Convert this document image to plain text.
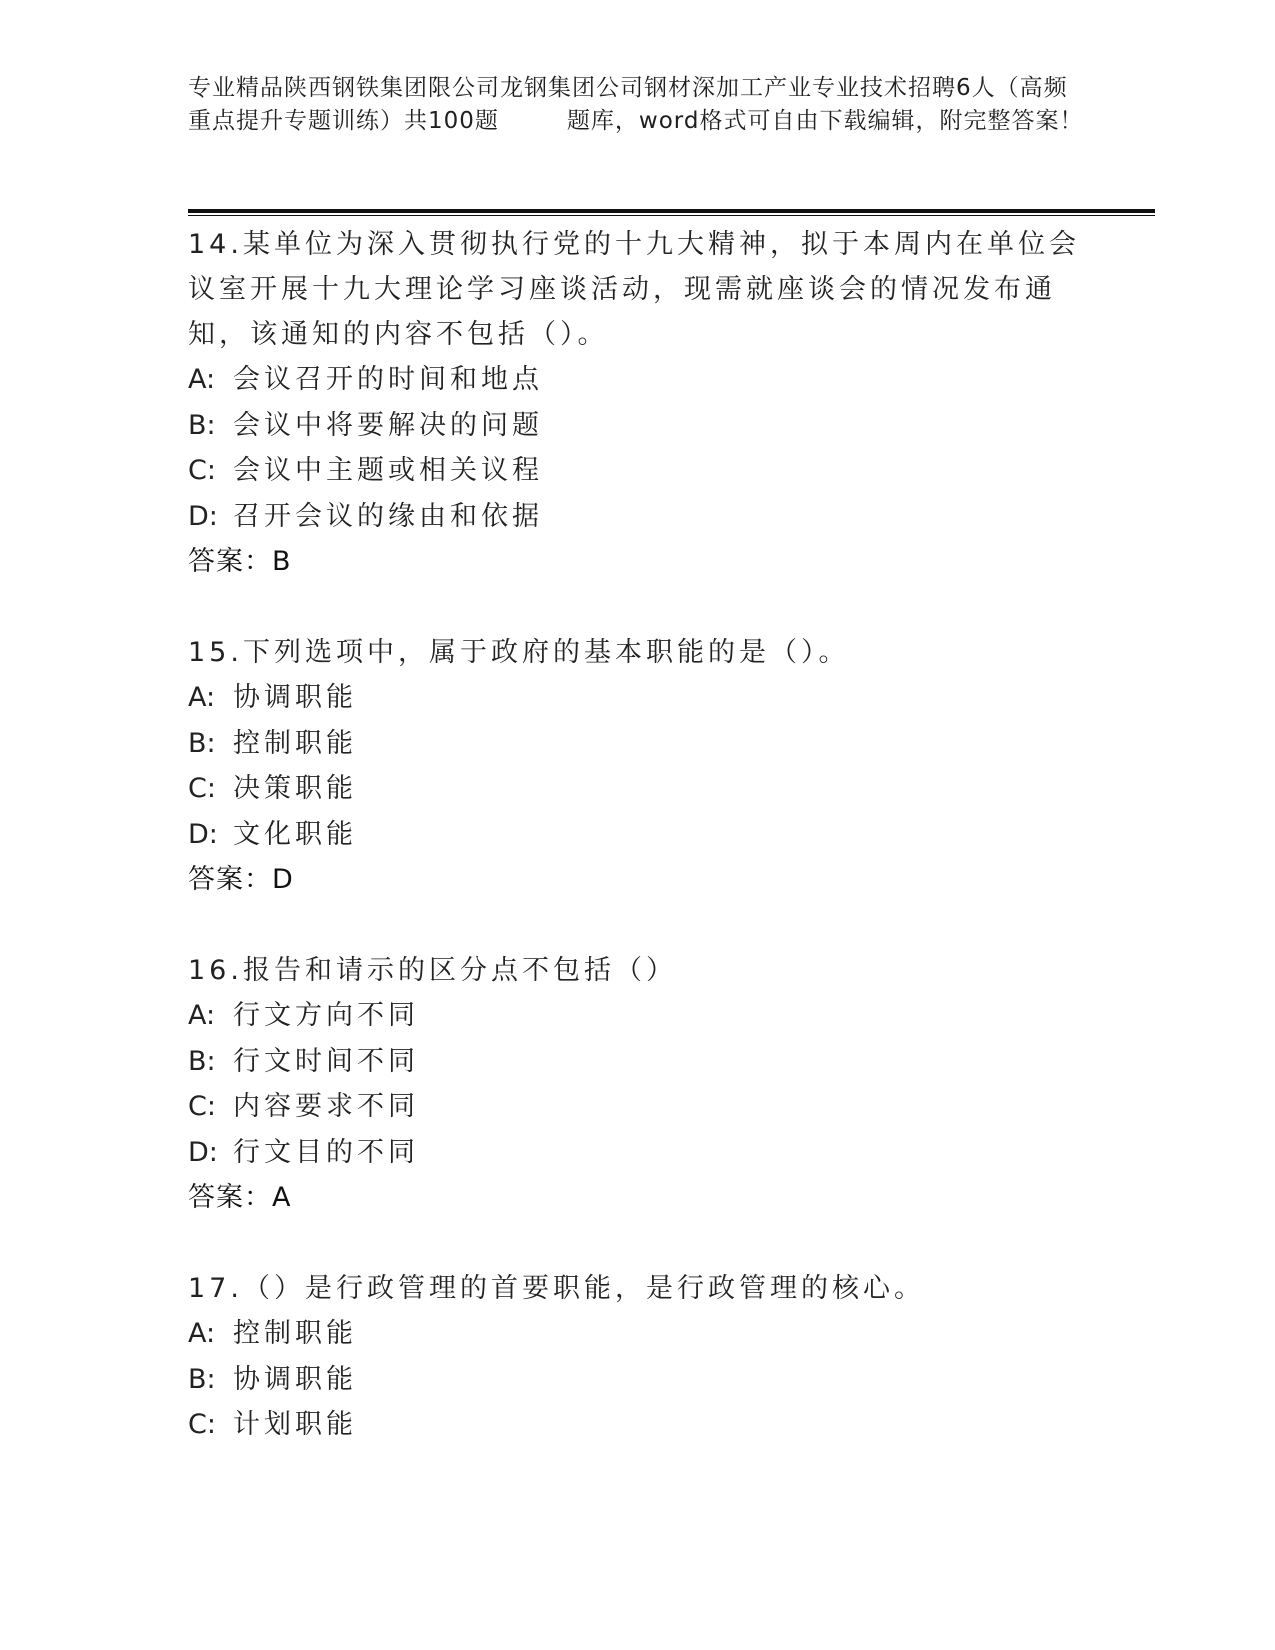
专业精品陕西钢铁集团限公司龙钢集团公司钢材深加工产业专业技术招聘6人（高频重点提升专题训练）共100题	题库，word格式可自由下载编辑，附完整答案！

14.某单位为深入贯彻执行党的十九大精神，拟于本周内在单位会议室开展十九大理论学习座谈活动，现需就座谈会的情况发布通知，该通知的内容不包括（）。

A: 会议召开的时间和地点

B: 会议中将要解决的问题

C: 会议中主题或相关议程

D: 召开会议的缘由和依据

答案：B

15.下列选项中，属于政府的基本职能的是（）。

A: 协调职能

B: 控制职能

C: 决策职能

D: 文化职能

答案：D

16.报告和请示的区分点不包括（）

A: 行文方向不同

B: 行文时间不同

C: 内容要求不同

D: 行文目的不同

答案：A

17.（）是行政管理的首要职能，是行政管理的核心。

A: 控制职能

B: 协调职能

C: 计划职能
